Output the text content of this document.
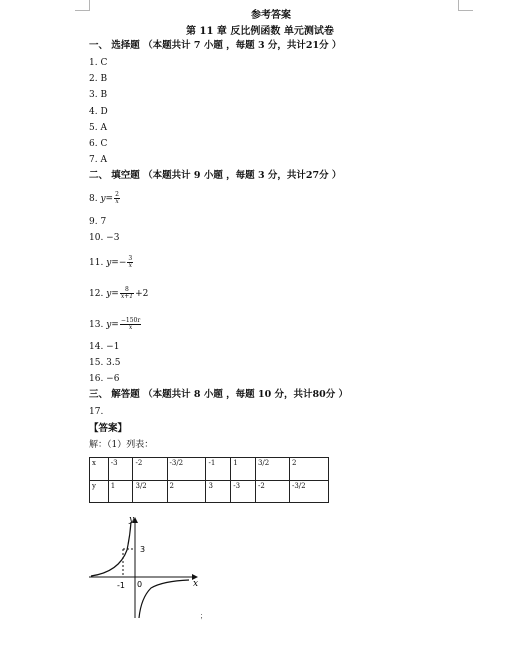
参考答案
第 11 章 反比例函数 单元测试卷
一、 选择题 （本题共计 7 小题 ，每题 3 分，共计21分 ）
1. C
2. B
3. B
4. D
5. A
6. C
7. A
二、 填空题 （本题共计 9 小题 ，每题 3 分，共计27分 ）
8. $y= \frac{2}{x}$
9. 7
10. −3
11. $y=- \frac{3}{x}$
12. $y= \frac{8}{x+1} +2$
13. $y= \frac{-150r}{x}$
14. −1
15. 3.5
16. −6
三、 解答题 （本题共计 8 小题 ，每题 10 分，共计80分 ）
17.
【答案】
解：（1）列表：
x	-3	-2	-3/2	-1	1	3/2	2
y	1	3/2	2	3	-3	-2	-3/2
y
x
0
-1
3
；
